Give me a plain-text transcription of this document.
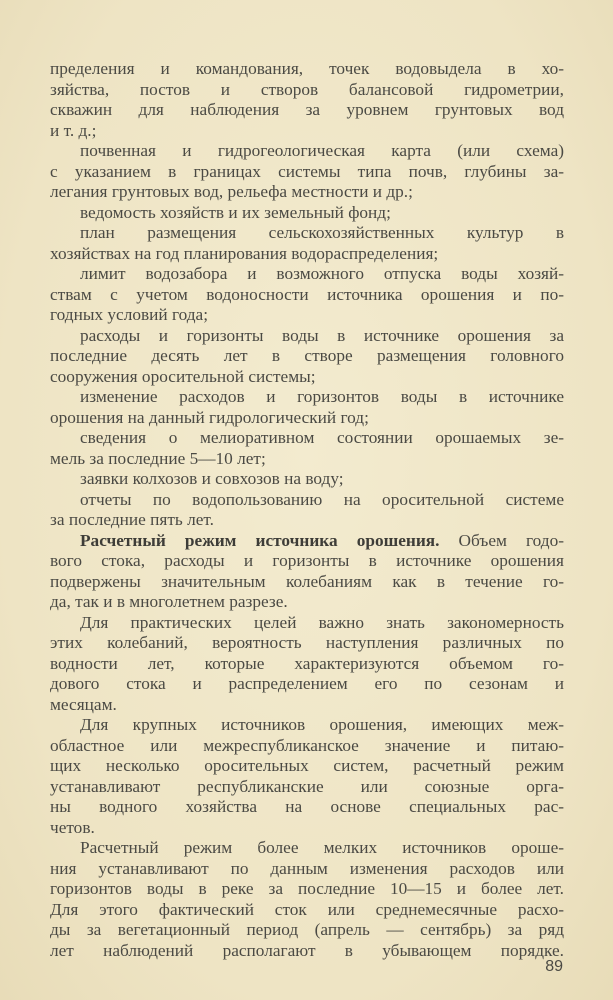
пределения и командования, точек водовыдела в хо-
зяйства, постов и створов балансовой гидрометрии,
скважин для наблюдения за уровнем грунтовых вод
и т. д.;
почвенная и гидрогеологическая карта (или схема)
с указанием в границах системы типа почв, глубины за-
легания грунтовых вод, рельефа местности и др.;
ведомость хозяйств и их земельный фонд;
план размещения сельскохозяйственных культур в
хозяйствах на год планирования водораспределения;
лимит водозабора и возможного отпуска воды хозяй-
ствам с учетом водоносности источника орошения и по-
годных условий года;
расходы и горизонты воды в источнике орошения за
последние десять лет в створе размещения головного
сооружения оросительной системы;
изменение расходов и горизонтов воды в источнике
орошения на данный гидрологический год;
сведения о мелиоративном состоянии орошаемых зе-
мель за последние 5—10 лет;
заявки колхозов и совхозов на воду;
отчеты по водопользованию на оросительной системе
за последние пять лет.
Расчетный режим источника орошения. Объем годо-
вого стока, расходы и горизонты в источнике орошения
подвержены значительным колебаниям как в течение го-
да, так и в многолетнем разрезе.
Для практических целей важно знать закономерность
этих колебаний, вероятность наступления различных по
водности лет, которые характеризуются объемом го-
дового стока и распределением его по сезонам и
месяцам.
Для крупных источников орошения, имеющих меж-
областное или межреспубликанское значение и питаю-
щих несколько оросительных систем, расчетный режим
устанавливают республиканские или союзные орга-
ны водного хозяйства на основе специальных рас-
четов.
Расчетный режим более мелких источников ороше-
ния устанавливают по данным изменения расходов или
горизонтов воды в реке за последние 10—15 и более лет.
Для этого фактический сток или среднемесячные расхо-
ды за вегетационный период (апрель — сентябрь) за ряд
лет наблюдений располагают в убывающем порядке.
89
